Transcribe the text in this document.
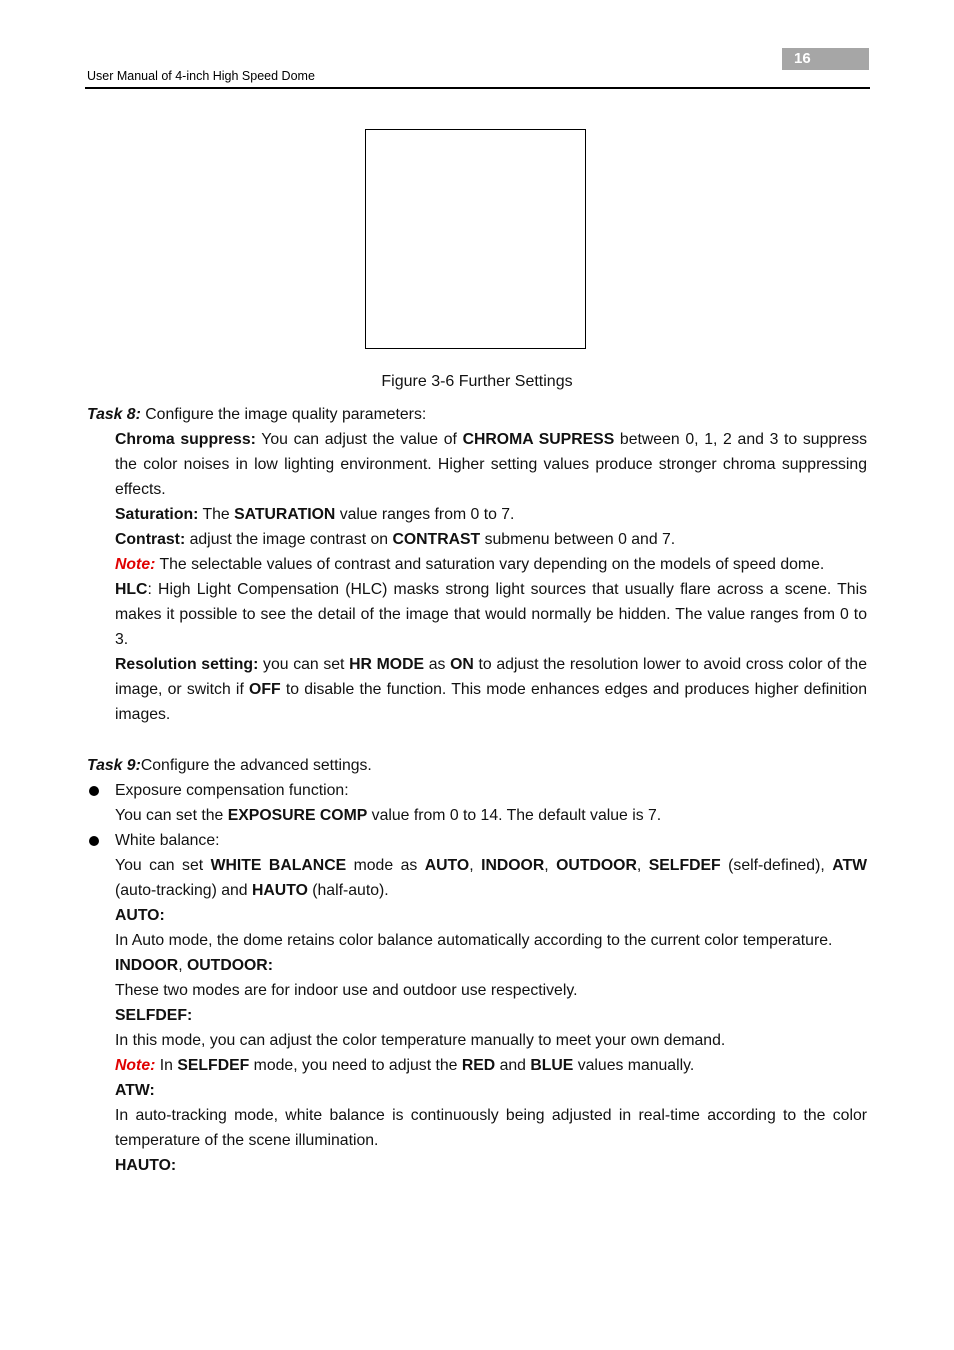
16
User Manual of 4-inch High Speed Dome
Figure 3-6 Further Settings
Task 8: Configure the image quality parameters:
Chroma suppress: You can adjust the value of CHROMA SUPRESS between 0, 1, 2 and 3 to suppress the color noises in low lighting environment. Higher setting values produce stronger chroma suppressing effects.
Saturation: The SATURATION value ranges from 0 to 7.
Contrast: adjust the image contrast on CONTRAST submenu between 0 and 7.
Note: The selectable values of contrast and saturation vary depending on the models of speed dome.
HLC: High Light Compensation (HLC) masks strong light sources that usually flare across a scene. This makes it possible to see the detail of the image that would normally be hidden. The value ranges from 0 to 3.
Resolution setting: you can set HR MODE as ON to adjust the resolution lower to avoid cross color of the image, or switch if OFF to disable the function. This mode enhances edges and produces higher definition images.
Task 9:Configure the advanced settings.
Exposure compensation function:
You can set the EXPOSURE COMP value from 0 to 14. The default value is 7.
White balance:
You can set WHITE BALANCE mode as AUTO, INDOOR, OUTDOOR, SELFDEF (self-defined), ATW (auto-tracking) and HAUTO (half-auto).
AUTO:
In Auto mode, the dome retains color balance automatically according to the current color temperature.
INDOOR, OUTDOOR:
These two modes are for indoor use and outdoor use respectively.
SELFDEF:
In this mode, you can adjust the color temperature manually to meet your own demand.
Note: In SELFDEF mode, you need to adjust the RED and BLUE values manually.
ATW:
In auto-tracking mode, white balance is continuously being adjusted in real-time according to the color temperature of the scene illumination.
HAUTO:
